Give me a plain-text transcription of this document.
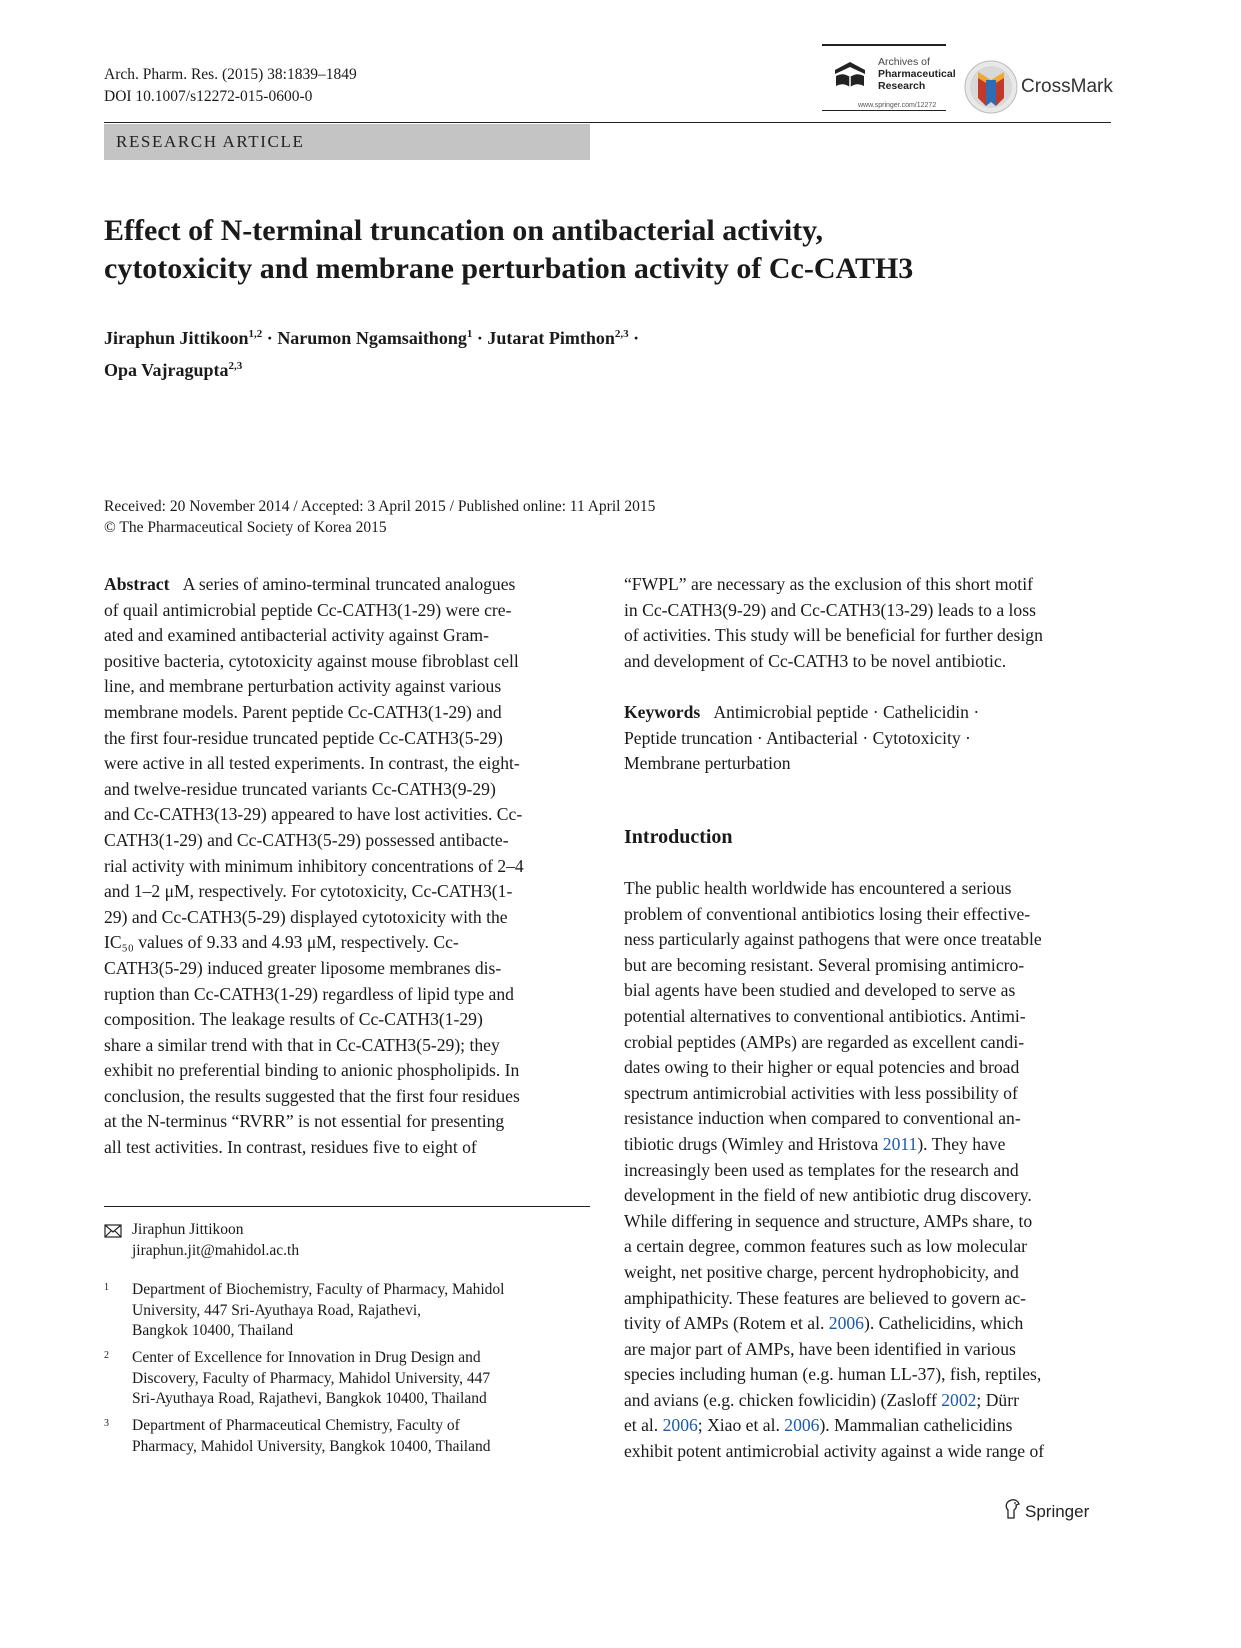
Arch. Pharm. Res. (2015) 38:1839–1849
DOI 10.1007/s12272-015-0600-0
Archives of
Pharmaceutical
Research
www.springer.com/12272
CrossMark
RESEARCH ARTICLE
Effect of N-terminal truncation on antibacterial activity,
cytotoxicity and membrane perturbation activity of Cc-CATH3
Jiraphun Jittikoon$^{1,2}$ · Narumon Ngamsaithong$^1$ · Jutarat Pimthon$^{2,3}$ ·
Opa Vajragupta$^{2,3}$
Received: 20 November 2014 / Accepted: 3 April 2015 / Published online: 11 April 2015
© The Pharmaceutical Society of Korea 2015

Abstract A series of amino-terminal truncated analogues

of quail antimicrobial peptide Cc-CATH3(1-29) were cre-

ated and examined antibacterial activity against Gram-

positive bacteria, cytotoxicity against mouse fibroblast cell

line, and membrane perturbation activity against various

membrane models. Parent peptide Cc-CATH3(1-29) and

the first four-residue truncated peptide Cc-CATH3(5-29)

were active in all tested experiments. In contrast, the eight-

and twelve-residue truncated variants Cc-CATH3(9-29)

and Cc-CATH3(13-29) appeared to have lost activities. Cc-

CATH3(1-29) and Cc-CATH3(5-29) possessed antibacte-

rial activity with minimum inhibitory concentrations of 2–4

and 1–2 μM, respectively. For cytotoxicity, Cc-CATH3(1-

29) and Cc-CATH3(5-29) displayed cytotoxicity with the

IC₅₀ values of 9.33 and 4.93 μM, respectively. Cc-

CATH3(5-29) induced greater liposome membranes dis-

ruption than Cc-CATH3(1-29) regardless of lipid type and

composition. The leakage results of Cc-CATH3(1-29)

share a similar trend with that in Cc-CATH3(5-29); they

exhibit no preferential binding to anionic phospholipids. In

conclusion, the results suggested that the first four residues

at the N-terminus “RVRR” is not essential for presenting

all test activities. In contrast, residues five to eight of

Jiraphun Jittikoon
jiraphun.jit@mahidol.ac.th
1 Department of Biochemistry, Faculty of Pharmacy, Mahidol
University, 447 Sri-Ayuthaya Road, Rajathevi,
Bangkok 10400, Thailand
2 Center of Excellence for Innovation in Drug Design and
Discovery, Faculty of Pharmacy, Mahidol University, 447
Sri-Ayuthaya Road, Rajathevi, Bangkok 10400, Thailand
3 Department of Pharmaceutical Chemistry, Faculty of
Pharmacy, Mahidol University, Bangkok 10400, Thailand

“FWPL” are necessary as the exclusion of this short motif

in Cc-CATH3(9-29) and Cc-CATH3(13-29) leads to a loss

of activities. This study will be beneficial for further design

and development of Cc-CATH3 to be novel antibiotic.

Keywords Antimicrobial peptide · Cathelicidin ·

Peptide truncation · Antibacterial · Cytotoxicity ·

Membrane perturbation

Introduction

The public health worldwide has encountered a serious

problem of conventional antibiotics losing their effective-

ness particularly against pathogens that were once treatable

but are becoming resistant. Several promising antimicro-

bial agents have been studied and developed to serve as

potential alternatives to conventional antibiotics. Antimi-

crobial peptides (AMPs) are regarded as excellent candi-

dates owing to their higher or equal potencies and broad

spectrum antimicrobial activities with less possibility of

resistance induction when compared to conventional an-

tibiotic drugs (Wimley and Hristova 2011). They have

increasingly been used as templates for the research and

development in the field of new antibiotic drug discovery.

While differing in sequence and structure, AMPs share, to

a certain degree, common features such as low molecular

weight, net positive charge, percent hydrophobicity, and

amphipathicity. These features are believed to govern ac-

tivity of AMPs (Rotem et al. 2006). Cathelicidins, which

are major part of AMPs, have been identified in various

species including human (e.g. human LL-37), fish, reptiles,

and avians (e.g. chicken fowlicidin) (Zasloff 2002; Dürr

et al. 2006; Xiao et al. 2006). Mammalian cathelicidins

exhibit potent antimicrobial activity against a wide range of

Springer
